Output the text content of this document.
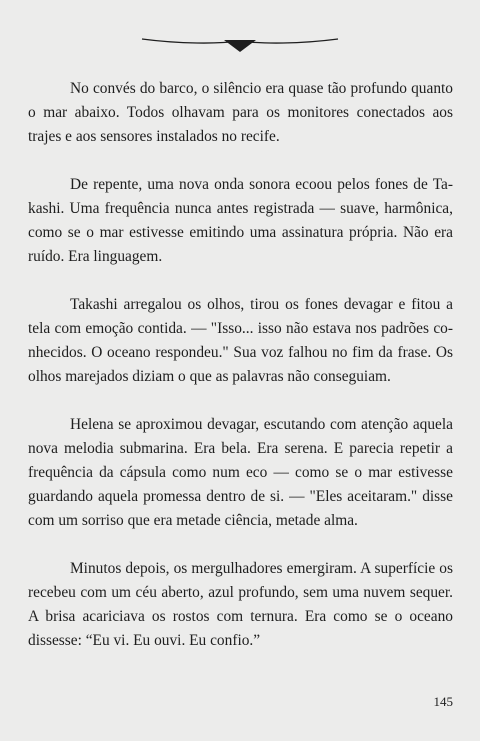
No convés do barco, o silêncio era quase tão profundo quanto o mar abaixo. Todos olhavam para os monitores conectados aos trajes e aos sensores instalados no recife.

De repente, uma nova onda sonora ecoou pelos fones de Takashi. Uma frequência nunca antes registrada — suave, harmônica, como se o mar estivesse emitindo uma assinatura própria. Não era ruído. Era linguagem.

Takashi arregalou os olhos, tirou os fones devagar e fitou a tela com emoção contida. — "Isso... isso não estava nos padrões conhecidos. O oceano respondeu." Sua voz falhou no fim da frase. Os olhos marejados diziam o que as palavras não conseguiam.

Helena se aproximou devagar, escutando com atenção aquela nova melodia submarina. Era bela. Era serena. E parecia repetir a frequência da cápsula como num eco — como se o mar estivesse guardando aquela promessa dentro de si. — "Eles aceitaram." disse com um sorriso que era metade ciência, metade alma.

Minutos depois, os mergulhadores emergiram. A superfície os recebeu com um céu aberto, azul profundo, sem uma nuvem sequer. A brisa acariciava os rostos com ternura. Era como se o oceano dissesse: “Eu vi. Eu ouvi. Eu confio.”

145
